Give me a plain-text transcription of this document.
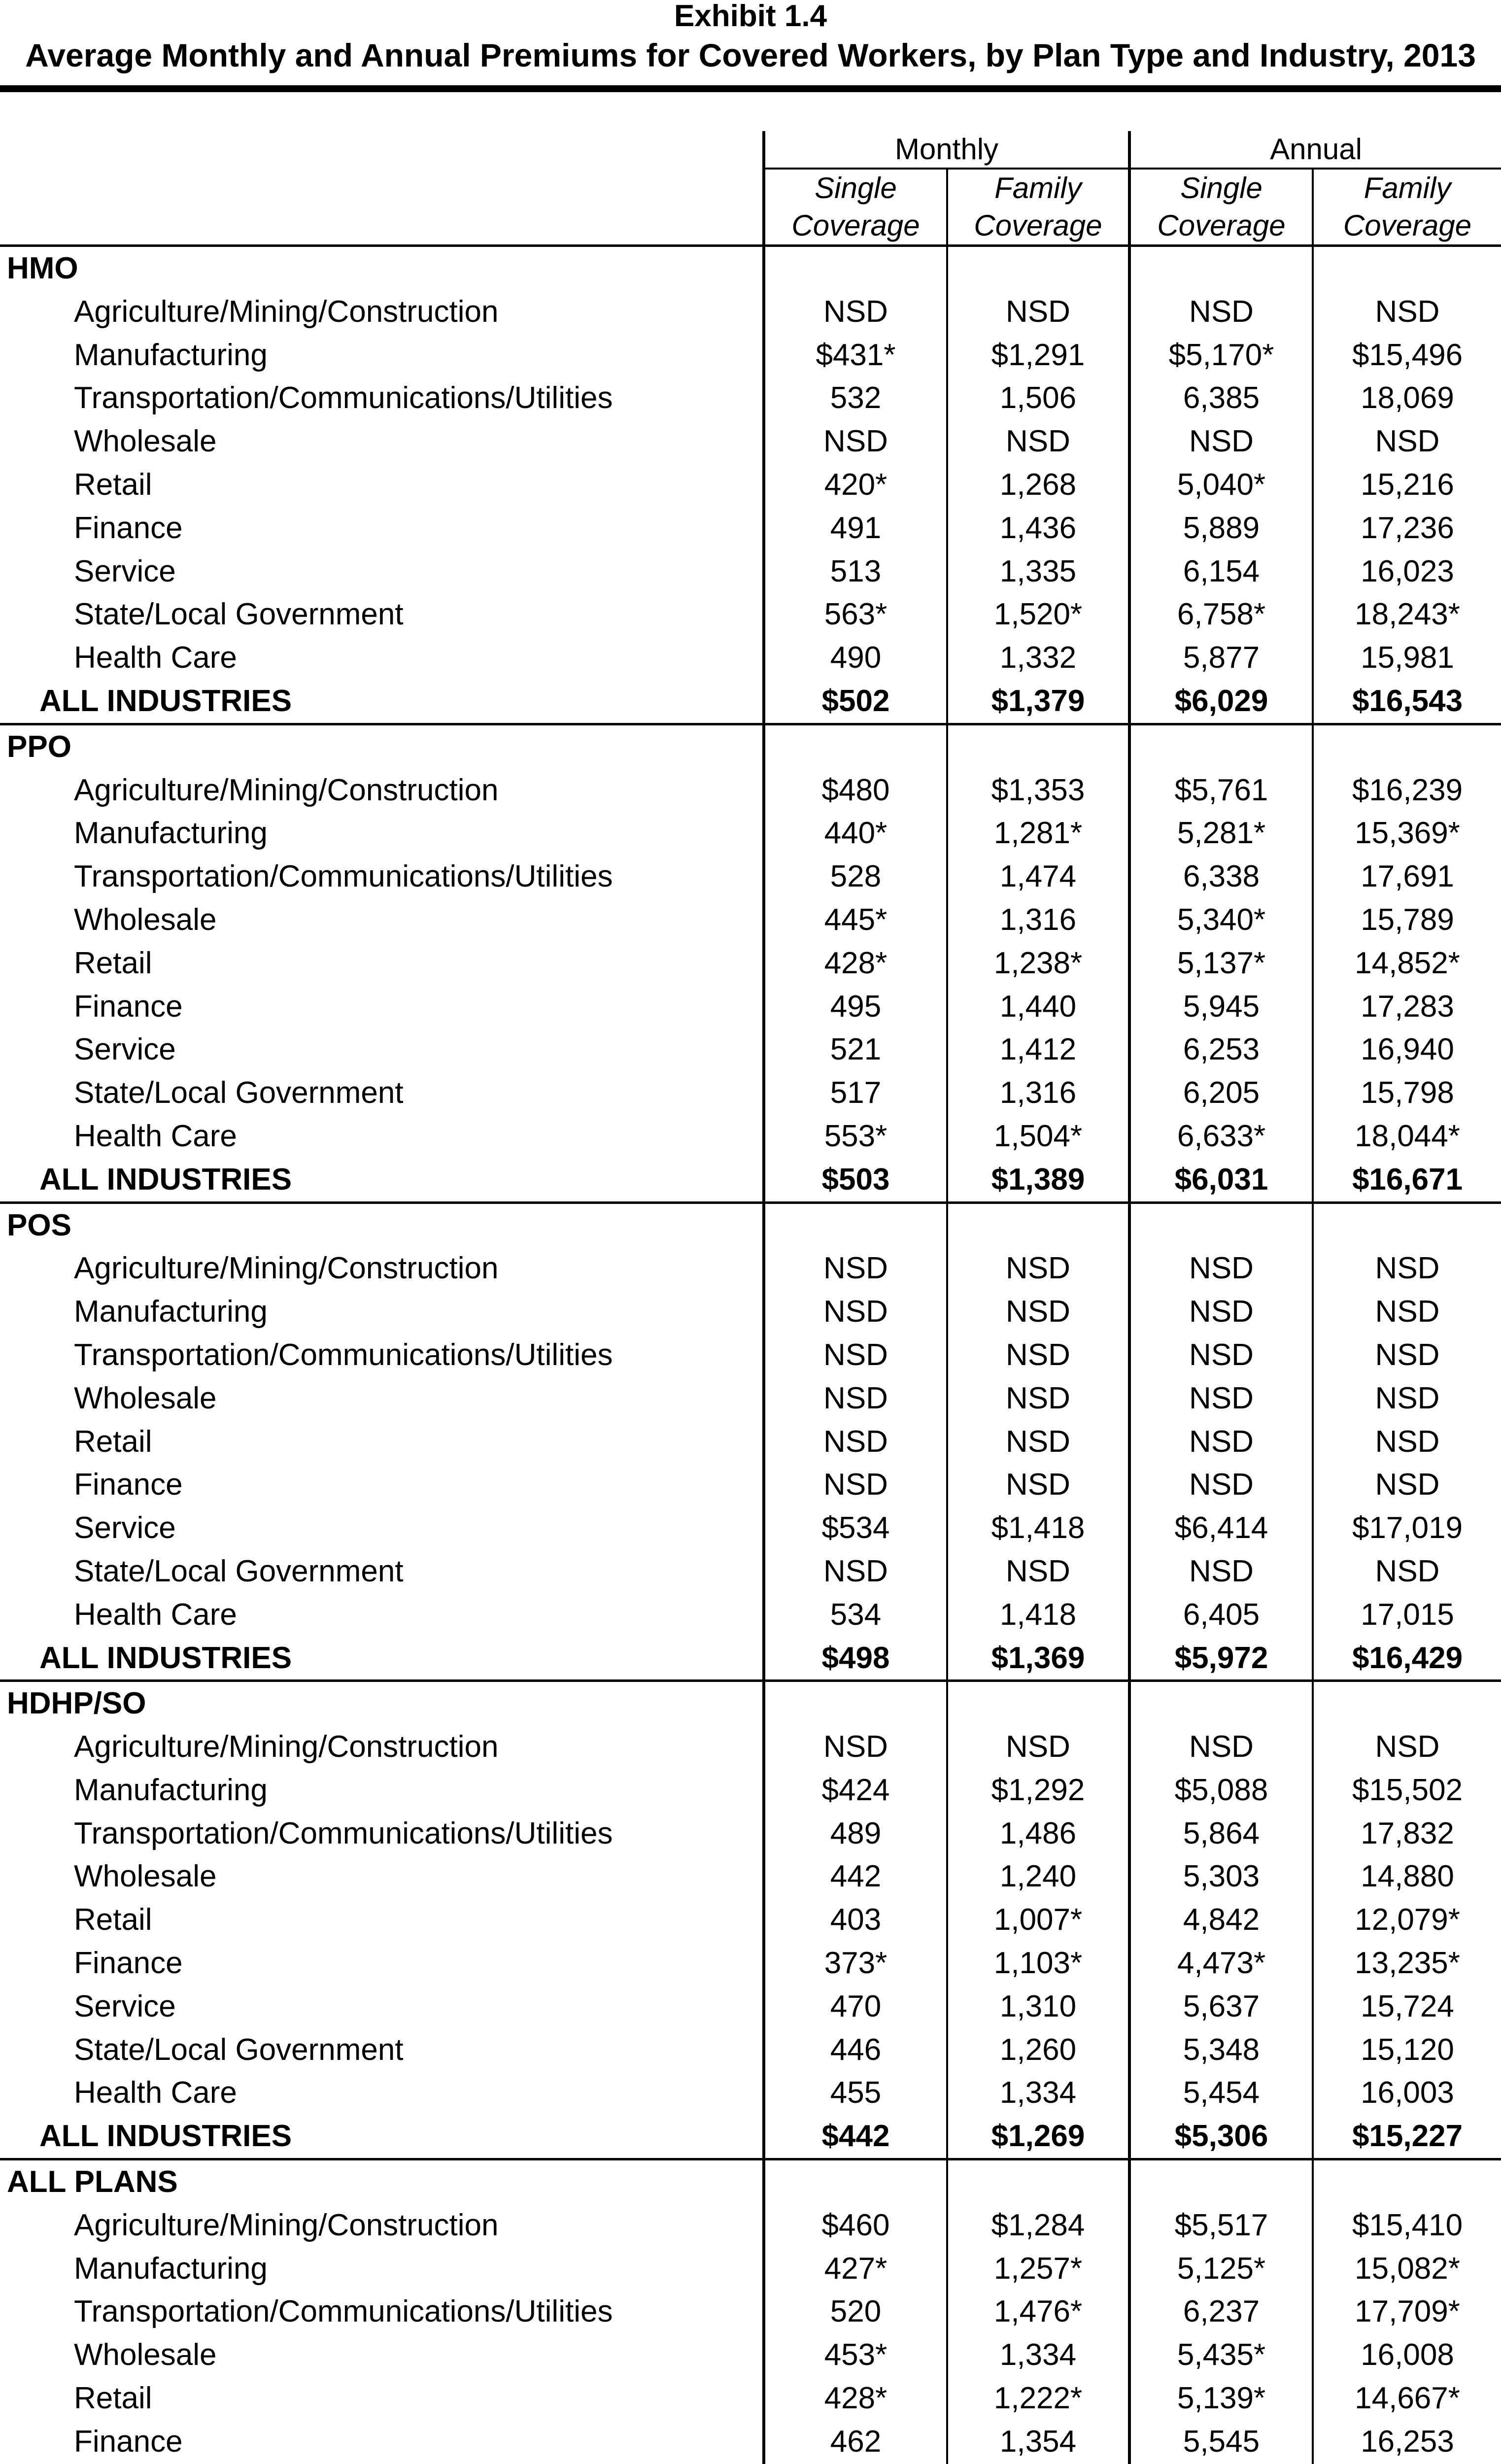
Exhibit 1.4
Average Monthly and Annual Premiums for Covered Workers, by Plan Type and Industry, 2013
	Monthly		Annual	
	Single	Family	Single	Family
	Coverage	Coverage	Coverage	Coverage
HMO				
Agriculture/Mining/Construction	NSD	NSD	NSD	NSD
Manufacturing	$431*	$1,291	$5,170*	$15,496
Transportation/Communications/Utilities	532	1,506	6,385	18,069
Wholesale	NSD	NSD	NSD	NSD
Retail	420*	1,268	5,040*	15,216
Finance	491	1,436	5,889	17,236
Service	513	1,335	6,154	16,023
State/Local Government	563*	1,520*	6,758*	18,243*
Health Care	490	1,332	5,877	15,981
ALL INDUSTRIES	$502	$1,379	$6,029	$16,543
PPO				
Agriculture/Mining/Construction	$480	$1,353	$5,761	$16,239
Manufacturing	440*	1,281*	5,281*	15,369*
Transportation/Communications/Utilities	528	1,474	6,338	17,691
Wholesale	445*	1,316	5,340*	15,789
Retail	428*	1,238*	5,137*	14,852*
Finance	495	1,440	5,945	17,283
Service	521	1,412	6,253	16,940
State/Local Government	517	1,316	6,205	15,798
Health Care	553*	1,504*	6,633*	18,044*
ALL INDUSTRIES	$503	$1,389	$6,031	$16,671
POS				
Agriculture/Mining/Construction	NSD	NSD	NSD	NSD
Manufacturing	NSD	NSD	NSD	NSD
Transportation/Communications/Utilities	NSD	NSD	NSD	NSD
Wholesale	NSD	NSD	NSD	NSD
Retail	NSD	NSD	NSD	NSD
Finance	NSD	NSD	NSD	NSD
Service	$534	$1,418	$6,414	$17,019
State/Local Government	NSD	NSD	NSD	NSD
Health Care	534	1,418	6,405	17,015
ALL INDUSTRIES	$498	$1,369	$5,972	$16,429
HDHP/SO				
Agriculture/Mining/Construction	NSD	NSD	NSD	NSD
Manufacturing	$424	$1,292	$5,088	$15,502
Transportation/Communications/Utilities	489	1,486	5,864	17,832
Wholesale	442	1,240	5,303	14,880
Retail	403	1,007*	4,842	12,079*
Finance	373*	1,103*	4,473*	13,235*
Service	470	1,310	5,637	15,724
State/Local Government	446	1,260	5,348	15,120
Health Care	455	1,334	5,454	16,003
ALL INDUSTRIES	$442	$1,269	$5,306	$15,227
ALL PLANS				
Agriculture/Mining/Construction	$460	$1,284	$5,517	$15,410
Manufacturing	427*	1,257*	5,125*	15,082*
Transportation/Communications/Utilities	520	1,476*	6,237	17,709*
Wholesale	453*	1,334	5,435*	16,008
Retail	428*	1,222*	5,139*	14,667*
Finance	462	1,354	5,545	16,253
